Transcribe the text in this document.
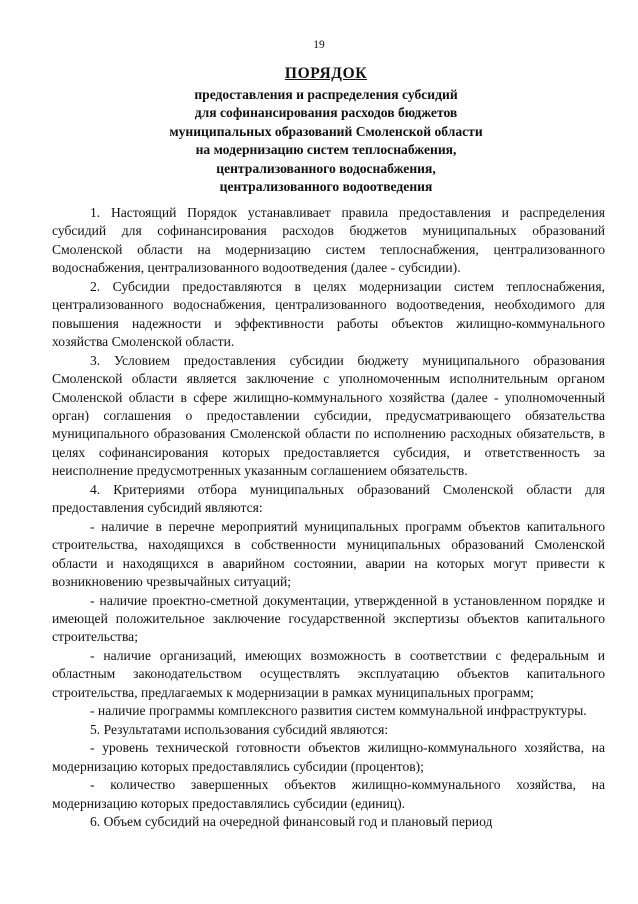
19
ПОРЯДОК
предоставления и распределения субсидий
для софинансирования расходов бюджетов
муниципальных образований Смоленской области
на модернизацию систем теплоснабжения,
централизованного водоснабжения,
централизованного водоотведения

1. Настоящий Порядок устанавливает правила предоставления и распределения субсидий для софинансирования расходов бюджетов муниципальных образований Смоленской области на модернизацию систем теплоснабжения, централизованного водоснабжения, централизованного водоотведения (далее - субсидии).

2. Субсидии предоставляются в целях модернизации систем теплоснабжения, централизованного водоснабжения, централизованного водоотведения, необходимого для повышения надежности и эффективности работы объектов жилищно-коммунального хозяйства Смоленской области.

3. Условием предоставления субсидии бюджету муниципального образования Смоленской области является заключение с уполномоченным исполнительным органом Смоленской области в сфере жилищно-коммунального хозяйства (далее - уполномоченный орган) соглашения о предоставлении субсидии, предусматривающего обязательства муниципального образования Смоленской области по исполнению расходных обязательств, в целях софинансирования которых предоставляется субсидия, и ответственность за неисполнение предусмотренных указанным соглашением обязательств.

4. Критериями отбора муниципальных образований Смоленской области для предоставления субсидий являются:

- наличие в перечне мероприятий муниципальных программ объектов капитального строительства, находящихся в собственности муниципальных образований Смоленской области и находящихся в аварийном состоянии, аварии на которых могут привести к возникновению чрезвычайных ситуаций;

- наличие проектно-сметной документации, утвержденной в установленном порядке и имеющей положительное заключение государственной экспертизы объектов капитального строительства;

- наличие организаций, имеющих возможность в соответствии с федеральным и областным законодательством осуществлять эксплуатацию объектов капитального строительства, предлагаемых к модернизации в рамках муниципальных программ;

- наличие программы комплексного развития систем коммунальной инфраструктуры.

5. Результатами использования субсидий являются:

- уровень технической готовности объектов жилищно-коммунального хозяйства, на модернизацию которых предоставлялись субсидии (процентов);

- количество завершенных объектов жилищно-коммунального хозяйства, на модернизацию которых предоставлялись субсидии (единиц).

6. Объем субсидий на очередной финансовый год и плановый период
